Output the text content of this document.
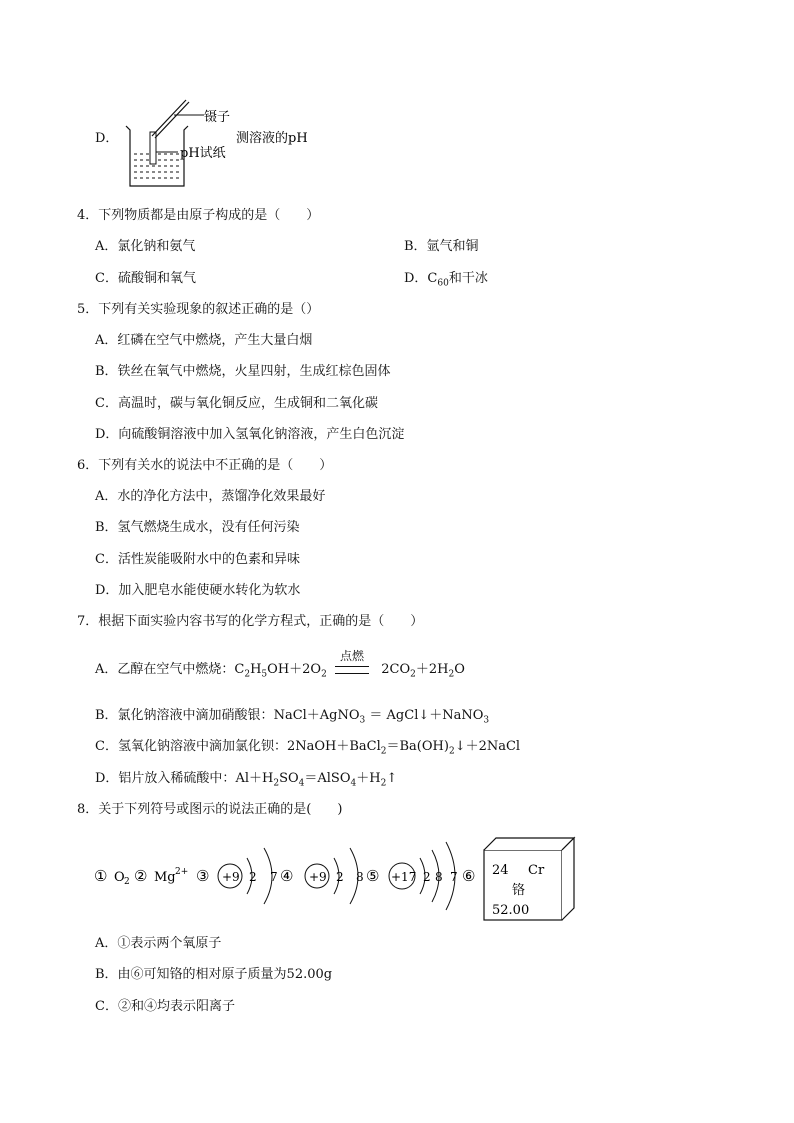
D．
镊子
pH试纸
测溶液的pH
4．下列物质都是由原子构成的是（　　）
A．氯化钠和氨气	B．氩气和铜
C．硫酸铜和氧气	D．$C_{60}$和干冰
5．下列有关实验现象的叙述正确的是（）
A．红磷在空气中燃烧，产生大量白烟
B．铁丝在氧气中燃烧，火星四射，生成红棕色固体
C．高温时，碳与氧化铜反应，生成铜和二氧化碳
D．向硫酸铜溶液中加入氢氧化钠溶液，产生白色沉淀
6．下列有关水的说法中不正确的是（　　）
A．水的净化方法中，蒸馏净化效果最好
B．氢气燃烧生成水，没有任何污染
C．活性炭能吸附水中的色素和异味
D．加入肥皂水能使硬水转化为软水
7．根据下面实验内容书写的化学方程式，正确的是（　　）
A．乙醇在空气中燃烧：$C_2H_5OH+2O_2$
点燃
$2CO_2+2H_2O$
B．氯化钠溶液中滴加硝酸银：NaCl＋AgNO$_3$ ＝ AgCl↓＋NaNO$_3$
C．氢氧化钠溶液中滴加氯化钡：$2NaOH+BaCl_2=Ba(OH)_2↓+2NaCl$
D．铝片放入稀硫酸中：$Al+H_2SO_4=AlSO_4+H_2↑$
8．关于下列符号或图示的说法正确的是(　　)
① O 2 ② Mg 2+ ③ +9 2 7 ④ +9 2 8 ⑤ +17 2 8 7 ⑥ 24 Cr
铬
52.00
A．①表示两个氧原子
B．由⑥可知铬的相对原子质量为52.00g
C．②和④均表示阳离子
